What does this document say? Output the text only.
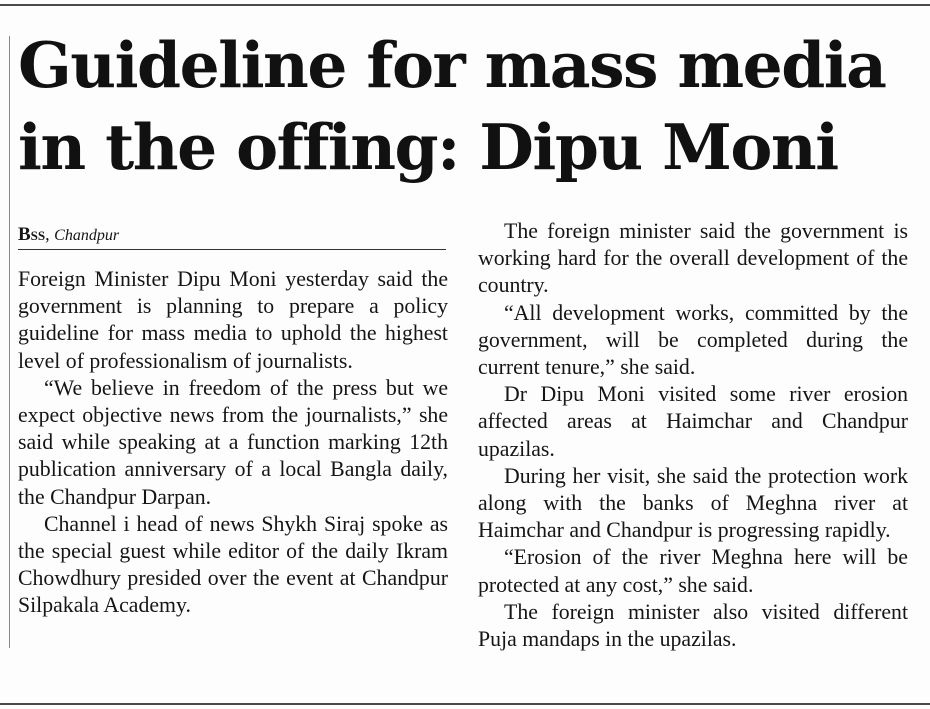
Guideline for mass media in the offing: Dipu Moni
Bss, Chandpur

Foreign Minister Dipu Moni yesterday said the government is planning to prepare a policy guideline for mass media to uphold the highest level of professionalism of journalists.

“We believe in freedom of the press but we expect objective news from the journalists,” she said while speaking at a function marking 12th publication anniversary of a local Bangla daily, the Chandpur Darpan.

Channel i head of news Shykh Siraj spoke as the special guest while editor of the daily Ikram Chowdhury presided over the event at Chandpur Silpakala Academy.

The foreign minister said the government is working hard for the overall development of the country.

“All development works, committed by the government, will be completed during the current tenure,” she said.

Dr Dipu Moni visited some river erosion affected areas at Haimchar and Chandpur upazilas.

During her visit, she said the protection work along with the banks of Meghna river at Haimchar and Chandpur is progressing rapidly.

“Erosion of the river Meghna here will be protected at any cost,” she said.

The foreign minister also visited different Puja mandaps in the upazilas.
